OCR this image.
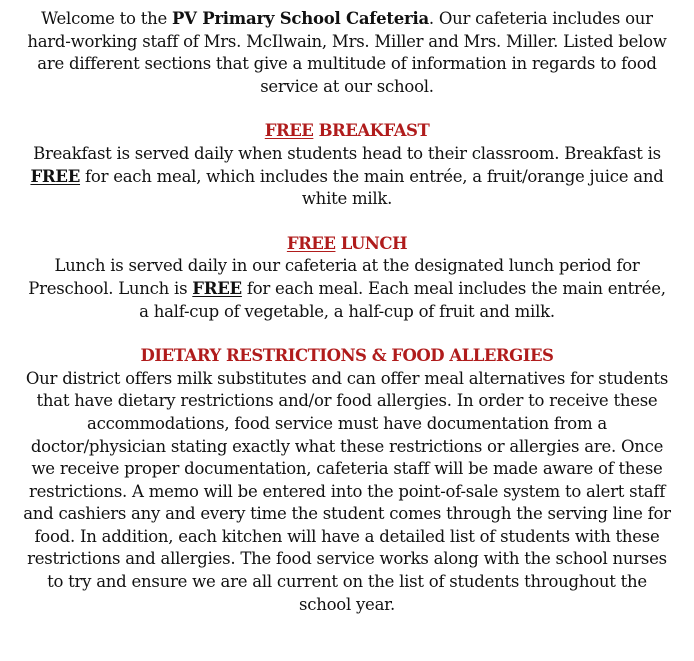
Welcome to the PV Primary School Cafeteria. Our cafeteria includes our hard-working staff of Mrs. McIlwain, Mrs. Miller and Mrs. Miller. Listed below are different sections that give a multitude of information in regards to food service at our school.

FREE BREAKFAST

Breakfast is served daily when students head to their classroom. Breakfast is FREE for each meal, which includes the main entrée, a fruit/orange juice and white milk.

FREE LUNCH

Lunch is served daily in our cafeteria at the designated lunch period for Preschool. Lunch is FREE for each meal. Each meal includes the main entrée, a half-cup of vegetable, a half-cup of fruit and milk.

DIETARY RESTRICTIONS & FOOD ALLERGIES

Our district offers milk substitutes and can offer meal alternatives for students that have dietary restrictions and/or food allergies. In order to receive these accommodations, food service must have documentation from a doctor/physician stating exactly what these restrictions or allergies are. Once we receive proper documentation, cafeteria staff will be made aware of these restrictions. A memo will be entered into the point-of-sale system to alert staff and cashiers any and every time the student comes through the serving line for food. In addition, each kitchen will have a detailed list of students with these restrictions and allergies. The food service works along with the school nurses to try and ensure we are all current on the list of students throughout the school year.
